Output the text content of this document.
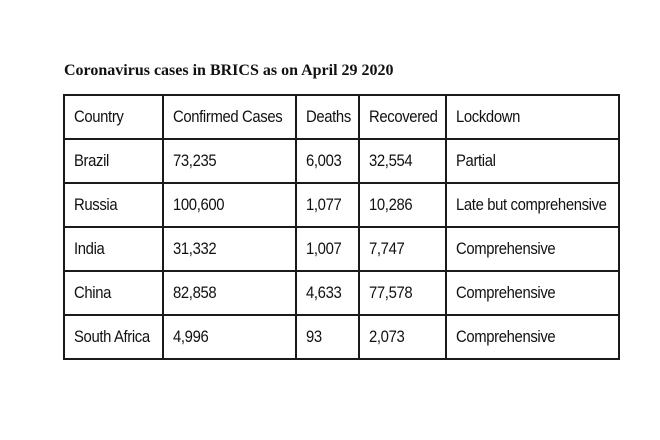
Coronavirus cases in BRICS as on April 29 2020
Country	Confirmed Cases	Deaths	Recovered	Lockdown
Brazil	73,235	6,003	32,554	Partial
Russia	100,600	1,077	10,286	Late but comprehensive
India	31,332	1,007	7,747	Comprehensive
China	82,858	4,633	77,578	Comprehensive
South Africa	4,996	93	2,073	Comprehensive
